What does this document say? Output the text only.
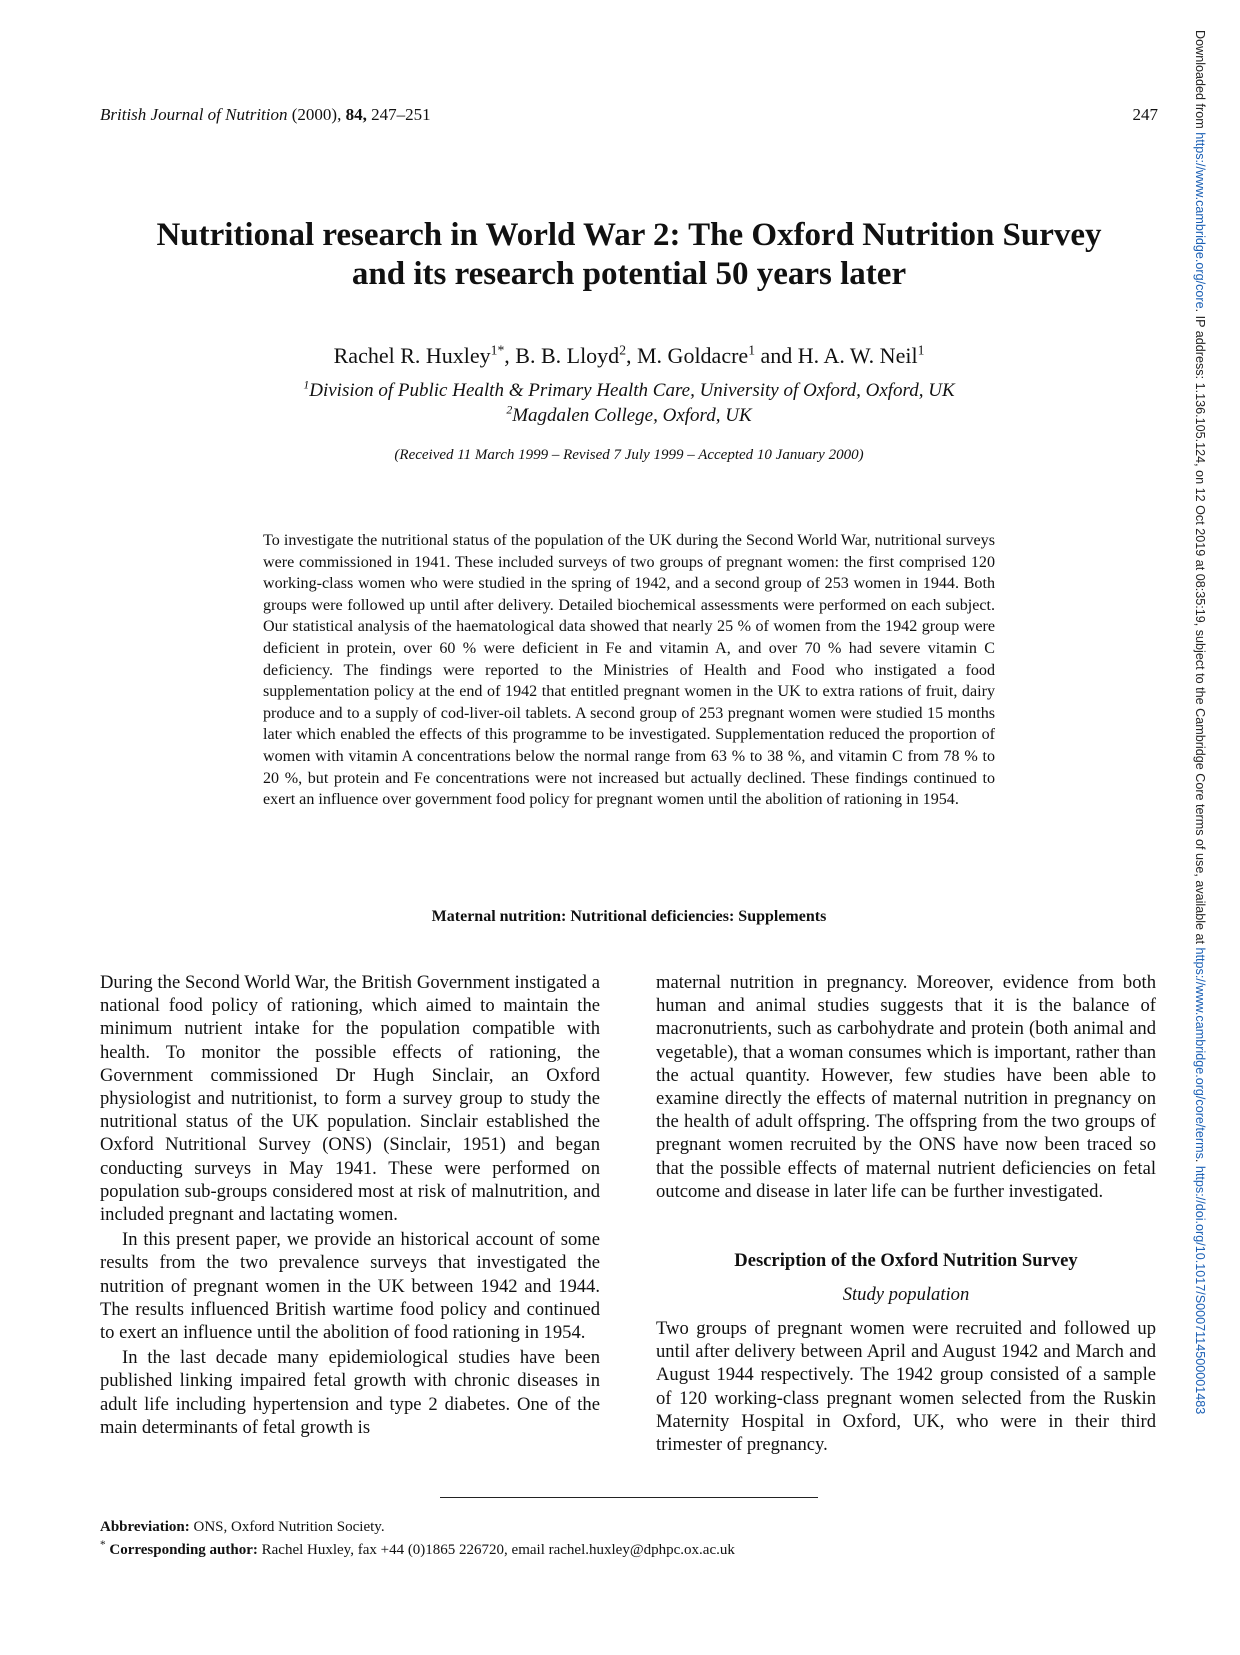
Downloaded from https://www.cambridge.org/core. IP address: 1.136.105.124, on 12 Oct 2019 at 08:35:19, subject to the Cambridge Core terms of use, available at https://www.cambridge.org/core/terms. https://doi.org/10.1017/S0007114500001483
British Journal of Nutrition (2000), 84, 247–251	247
Nutritional research in World War 2: The Oxford Nutrition Survey
and its research potential 50 years later
Rachel R. Huxley$^{1*}$, B. B. Lloyd$^2$, M. Goldacre$^1$ and H. A. W. Neil$^1$
$^1$Division of Public Health & Primary Health Care, University of Oxford, Oxford, UK
$^2$Magdalen College, Oxford, UK
(Received 11 March 1999 – Revised 7 July 1999 – Accepted 10 January 2000)

To investigate the nutritional status of the population of the UK during the Second World War, nutritional surveys were commissioned in 1941. These included surveys of two groups of pregnant women: the first comprised 120 working-class women who were studied in the spring of 1942, and a second group of 253 women in 1944. Both groups were followed up until after delivery. Detailed biochemical assessments were performed on each subject. Our statistical analysis of the haematological data showed that nearly 25 % of women from the 1942 group were deficient in protein, over 60 % were deficient in Fe and vitamin A, and over 70 % had severe vitamin C deficiency. The findings were reported to the Ministries of Health and Food who instigated a food supplementation policy at the end of 1942 that entitled pregnant women in the UK to extra rations of fruit, dairy produce and to a supply of cod-liver-oil tablets. A second group of 253 pregnant women were studied 15 months later which enabled the effects of this programme to be investigated. Supplementation reduced the proportion of women with vitamin A concentrations below the normal range from 63 % to 38 %, and vitamin C from 78 % to 20 %, but protein and Fe concentrations were not increased but actually declined. These findings continued to exert an influence over government food policy for pregnant women until the abolition of rationing in 1954.

Maternal nutrition: Nutritional deficiencies: Supplements

During the Second World War, the British Government instigated a national food policy of rationing, which aimed to maintain the minimum nutrient intake for the population compatible with health. To monitor the possible effects of rationing, the Government commissioned Dr Hugh Sinclair, an Oxford physiologist and nutritionist, to form a survey group to study the nutritional status of the UK population. Sinclair established the Oxford Nutritional Survey (ONS) (Sinclair, 1951) and began conducting surveys in May 1941. These were performed on population sub-groups considered most at risk of malnutrition, and included pregnant and lactating women.

In this present paper, we provide an historical account of some results from the two prevalence surveys that investigated the nutrition of pregnant women in the UK between 1942 and 1944. The results influenced British wartime food policy and continued to exert an influence until the abolition of food rationing in 1954.

In the last decade many epidemiological studies have been published linking impaired fetal growth with chronic diseases in adult life including hypertension and type 2 diabetes. One of the main determinants of fetal growth is

maternal nutrition in pregnancy. Moreover, evidence from both human and animal studies suggests that it is the balance of macronutrients, such as carbohydrate and protein (both animal and vegetable), that a woman consumes which is important, rather than the actual quantity. However, few studies have been able to examine directly the effects of maternal nutrition in pregnancy on the health of adult offspring. The offspring from the two groups of pregnant women recruited by the ONS have now been traced so that the possible effects of maternal nutrient deficiencies on fetal outcome and disease in later life can be further investigated.

Description of the Oxford Nutrition Survey
Study population

Two groups of pregnant women were recruited and followed up until after delivery between April and August 1942 and March and August 1944 respectively. The 1942 group consisted of a sample of 120 working-class pregnant women selected from the Ruskin Maternity Hospital in Oxford, UK, who were in their third trimester of pregnancy.

Abbreviation: ONS, Oxford Nutrition Society.
* Corresponding author: Rachel Huxley, fax +44 (0)1865 226720, email rachel.huxley@dphpc.ox.ac.uk
